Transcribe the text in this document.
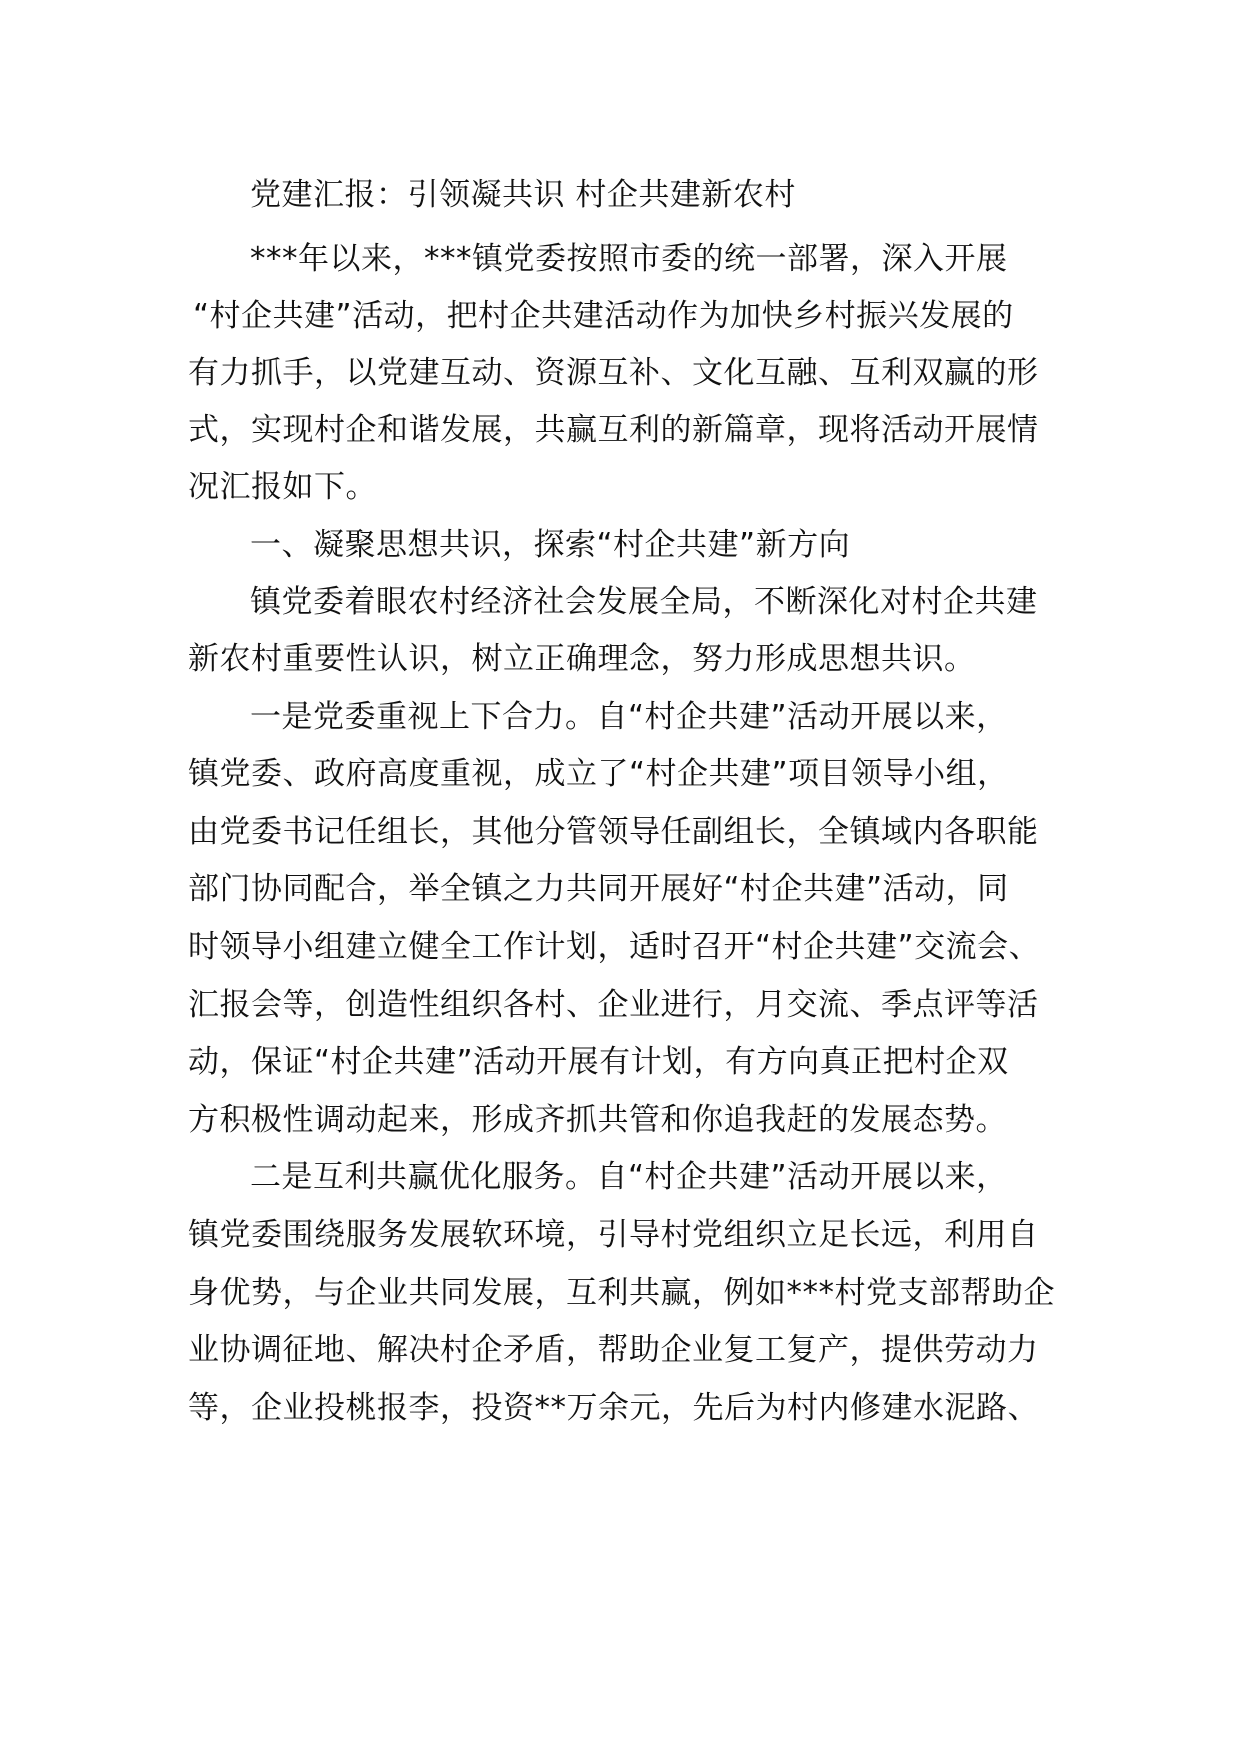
党建汇报：引领凝共识 村企共建新农村
***年以来，***镇党委按照市委的统一部署，深入开展
“村企共建”活动，把村企共建活动作为加快乡村振兴发展的
有力抓手，以党建互动、资源互补、文化互融、互利双赢的形
式，实现村企和谐发展，共赢互利的新篇章，现将活动开展情
况汇报如下。
一、凝聚思想共识，探索“村企共建”新方向
镇党委着眼农村经济社会发展全局，不断深化对村企共建
新农村重要性认识，树立正确理念，努力形成思想共识。
一是党委重视上下合力。自“村企共建”活动开展以来，
镇党委、政府高度重视，成立了“村企共建”项目领导小组，
由党委书记任组长，其他分管领导任副组长，全镇域内各职能
部门协同配合，举全镇之力共同开展好“村企共建”活动，同
时领导小组建立健全工作计划，适时召开“村企共建”交流会、
汇报会等，创造性组织各村、企业进行，月交流、季点评等活
动，保证“村企共建”活动开展有计划，有方向真正把村企双
方积极性调动起来，形成齐抓共管和你追我赶的发展态势。
二是互利共赢优化服务。自“村企共建”活动开展以来，
镇党委围绕服务发展软环境，引导村党组织立足长远，利用自
身优势，与企业共同发展，互利共赢，例如***村党支部帮助企
业协调征地、解决村企矛盾，帮助企业复工复产，提供劳动力
等，企业投桃报李，投资**万余元，先后为村内修建水泥路、
